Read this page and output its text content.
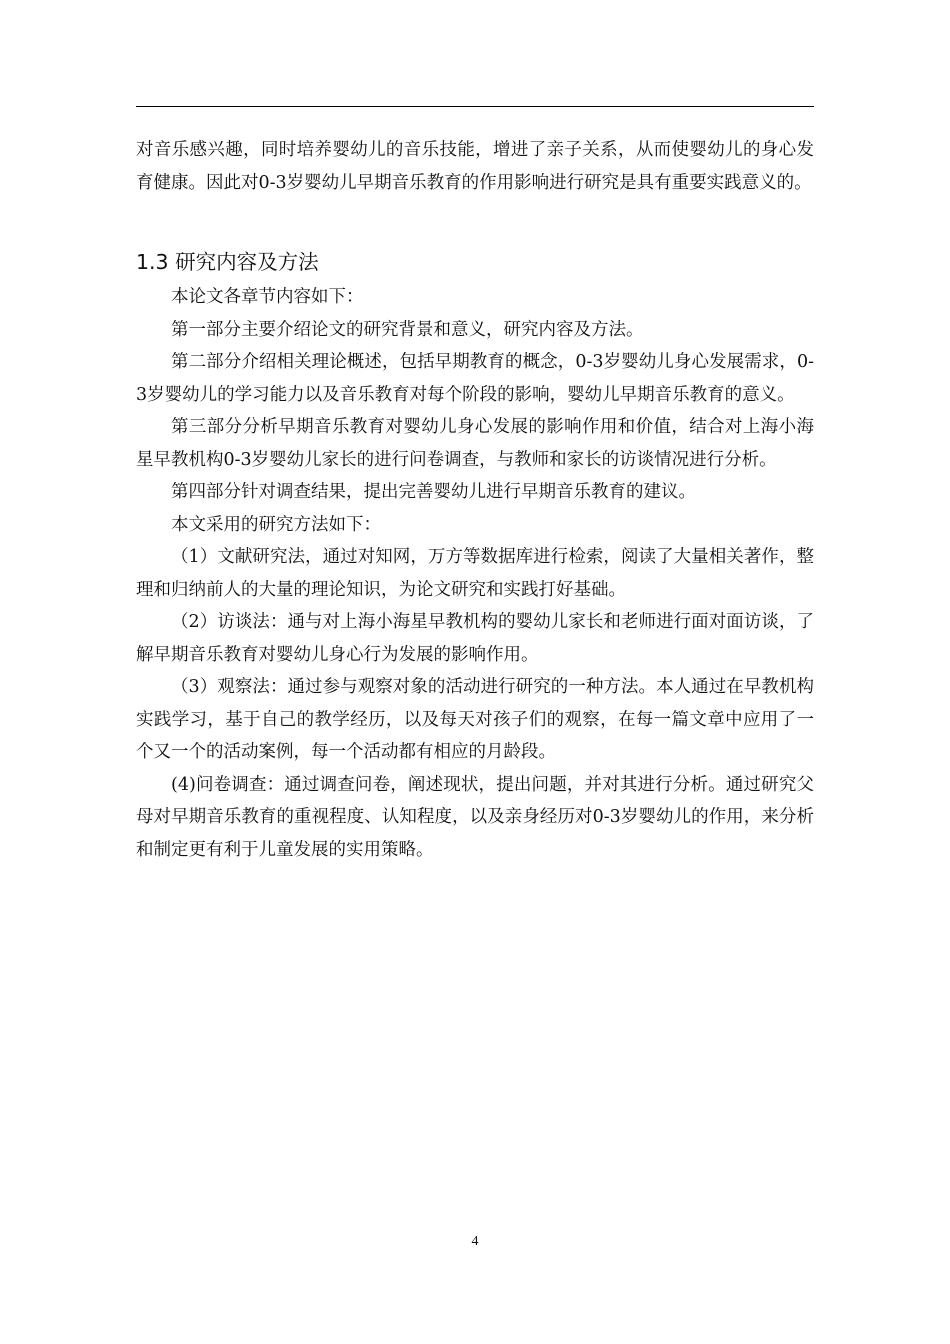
对音乐感兴趣，同时培养婴幼儿的音乐技能，增进了亲子关系，从而使婴幼儿的身心发育健康。因此对0-3岁婴幼儿早期音乐教育的作用影响进行研究是具有重要实践意义的。

1.3 研究内容及方法

本论文各章节内容如下：

第一部分主要介绍论文的研究背景和意义，研究内容及方法。

第二部分介绍相关理论概述，包括早期教育的概念，0-3岁婴幼儿身心发展需求，0-3岁婴幼儿的学习能力以及音乐教育对每个阶段的影响，婴幼儿早期音乐教育的意义。

第三部分分析早期音乐教育对婴幼儿身心发展的影响作用和价值，结合对上海小海星早教机构0-3岁婴幼儿家长的进行问卷调查，与教师和家长的访谈情况进行分析。

第四部分针对调查结果，提出完善婴幼儿进行早期音乐教育的建议。

本文采用的研究方法如下：

（1）文献研究法，通过对知网，万方等数据库进行检索，阅读了大量相关著作，整理和归纳前人的大量的理论知识，为论文研究和实践打好基础。

（2）访谈法：通与对上海小海星早教机构的婴幼儿家长和老师进行面对面访谈，了解早期音乐教育对婴幼儿身心行为发展的影响作用。

（3）观察法：通过参与观察对象的活动进行研究的一种方法。本人通过在早教机构实践学习，基于自己的教学经历，以及每天对孩子们的观察，在每一篇文章中应用了一个又一个的活动案例，每一个活动都有相应的月龄段。

(4)问卷调查：通过调查问卷，阐述现状，提出问题，并对其进行分析。通过研究父母对早期音乐教育的重视程度、认知程度，以及亲身经历对0-3岁婴幼儿的作用，来分析和制定更有利于儿童发展的实用策略。

4
